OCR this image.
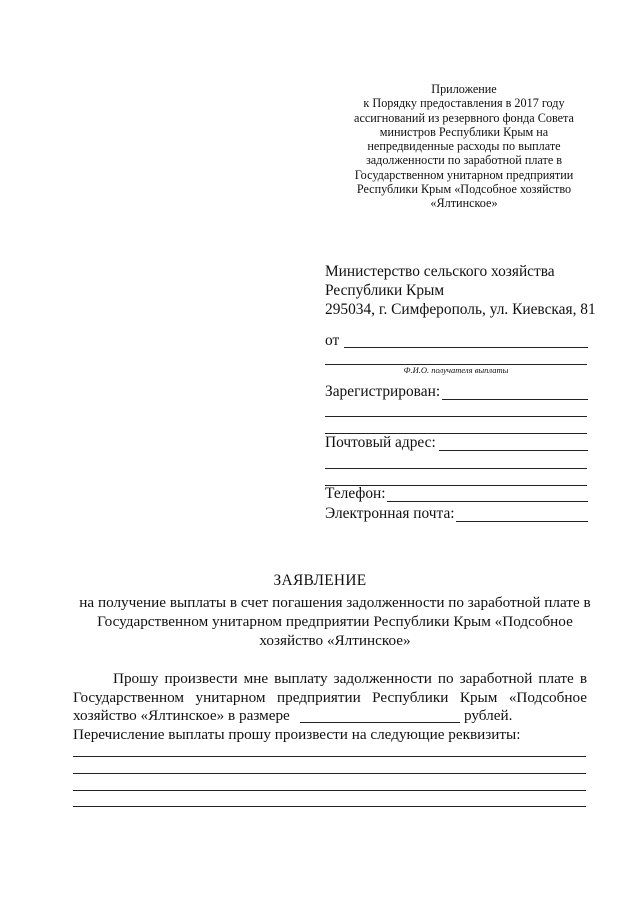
Приложение
к Порядку предоставления в 2017 году
ассигнований из резервного фонда Совета
министров Республики Крым на
непредвиденные расходы по выплате
задолженности по заработной плате в
Государственном унитарном предприятии
Республики Крым «Подсобное хозяйство
«Ялтинское»
Министерство сельского хозяйства
Республики Крым
295034, г. Симферополь, ул. Киевская, 81
от
Ф.И.О. получателя выплаты
Зарегистрирован:
Почтовый адрес:
Телефон:
Электронная почта:
ЗАЯВЛЕНИЕ
на получение выплаты в счет погашения задолженности по заработной плате в
Государственном унитарном предприятии Республики Крым «Подсобное
хозяйство «Ялтинское»
Прошу произвести мне выплату задолженности по заработной плате в
Государственном унитарном предприятии Республики Крым «Подсобное
хозяйство «Ялтинское» в размере	рублей.
Перечисление выплаты прошу произвести на следующие реквизиты:
